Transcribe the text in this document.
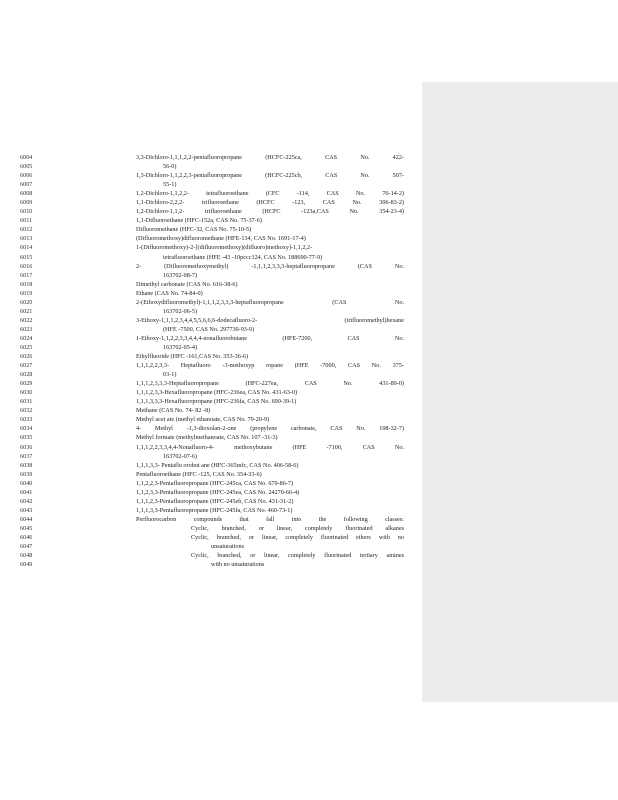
6004	3,3-Dichloro-1,1,1,2,2-pentafluoropropane (HCFC-225ca, CAS No. 422-
6005	56-0)
6006	1,3-Dichloro-1,1,2,2,3-pentafluoropropane (HCFC-225cb, CAS No. 507-
6007	55-1)
6008	1,2-Dichloro-1,1,2,2- tetrafluoroethane (CFC -114, CAS No. 76-14-2)
6009	1,1-Dichloro-2,2,2- trifluoroethane (HCFC -123, CAS No. 306-83-2)
6010	1,2-Dichloro-1,1,2- trifluoroethane (HCFC -123a,CAS No. 354-23-4)
6011	1,1-Difluoroethane (HFC-152a, CAS No. 75-37-6)
6012	Difluoromethane (HFC-32, CAS No. 75-10-5)
6013	(Difluoromethoxy)difluoromethane (HFE-134, CAS No. 1691-17-4)
6014	1-(Difluoromethoxy)-2-[(difluoromethoxy)(difluoro)methoxy]-1,1,2,2-
6015	tetrafluoroethane (HFE -43 -10pccc124, CAS No. 188690-77-9)
6016	2- (Difluoromethoxymethyl) -1,1,1,2,3,3,3-heptafluoropropane (CAS No.
6017	163702-08-7)
6018	Dimethyl carbonate (CAS No. 616-38-6)
6019	Ethane (CAS No. 74-84-0)
6020	2-(Ethoxydifluoromethyl)-1,1,1,2,3,3,3-heptafluoropropane (CAS No.
6021	163702-06-5)
6022	3-Ethoxy-1,1,1,2,3,4,4,5,5,6,6,6-dodecafluoro-2- (trifluoromethyl)hexane
6023	(HFE -7500, CAS No. 297730-93-9)
6024	1-Ethoxy-1,1,2,2,3,3,4,4,4-nonafluorobutane (HFE-7200, CAS No.
6025	163702-05-4)
6026	Ethylfluoride (HFC -161,CAS No. 353-36-6)
6027	1,1,1,2,2,3,3- Heptafluoro -3-methoxyp ropane (HFE -7000, CAS No. 375-
6028	03-1)
6029	1,1,1,2,3,3,3-Heptafluoropropane (HFC-227ea, CAS No. 431-89-0)
6030	1,1,1,2,3,3-Hexafluoropropane (HFC-236ea, CAS No. 431-63-0)
6031	1,1,1,3,3,3-Hexafluoropropane (HFC-236fa, CAS No. 690-39-1)
6032	Methane (CAS No. 74- 82 -8)
6033	Methyl acet ate (methyl ethanoate, CAS No. 79-20-9)
6034	4- Methyl -1,3-dioxolan-2-one (propylene carbonate, CAS No. 108-32-7)
6035	Methyl formate (methylmethanoate, CAS No. 107 -31-3)
6036	1,1,1,2,2,3,3,4,4-Nonafluoro-4- methoxybutane (HFE -7100, CAS No.
6037	163702-07-6)
6038	1,1,1,3,3- Pentaflu orobut ane (HFC-365mfc, CAS No. 406-58-6)
6039	Pentafluoroethane (HFC -125, CAS No. 354-33-6)
6040	1,1,2,2,3-Pentafluoropropane (HFC-245ca, CAS No. 679-86-7)
6041	1,1,2,3,3-Pentafluoropropane (HFC-245ea, CAS No. 24270-66-4)
6042	1,1,1,2,3-Pentafluoropropane (HFC-245eb, CAS No. 431-31-2)
6043	1,1,1,3,3-Pentafluoropropane (HFC-245fa, CAS No. 460-73-1)
6044	Perfluorocarbon compounds that fall into the following classes:
6045	Cyclic, branched, or linear, completely fluorinated alkanes
6046	Cyclic, branched, or linear, completely fluorinated ethers with no
6047	unsaturations
6048	Cyclic, branched, or linear, completely fluorinated tertiary amines
6049	with no unsaturations
